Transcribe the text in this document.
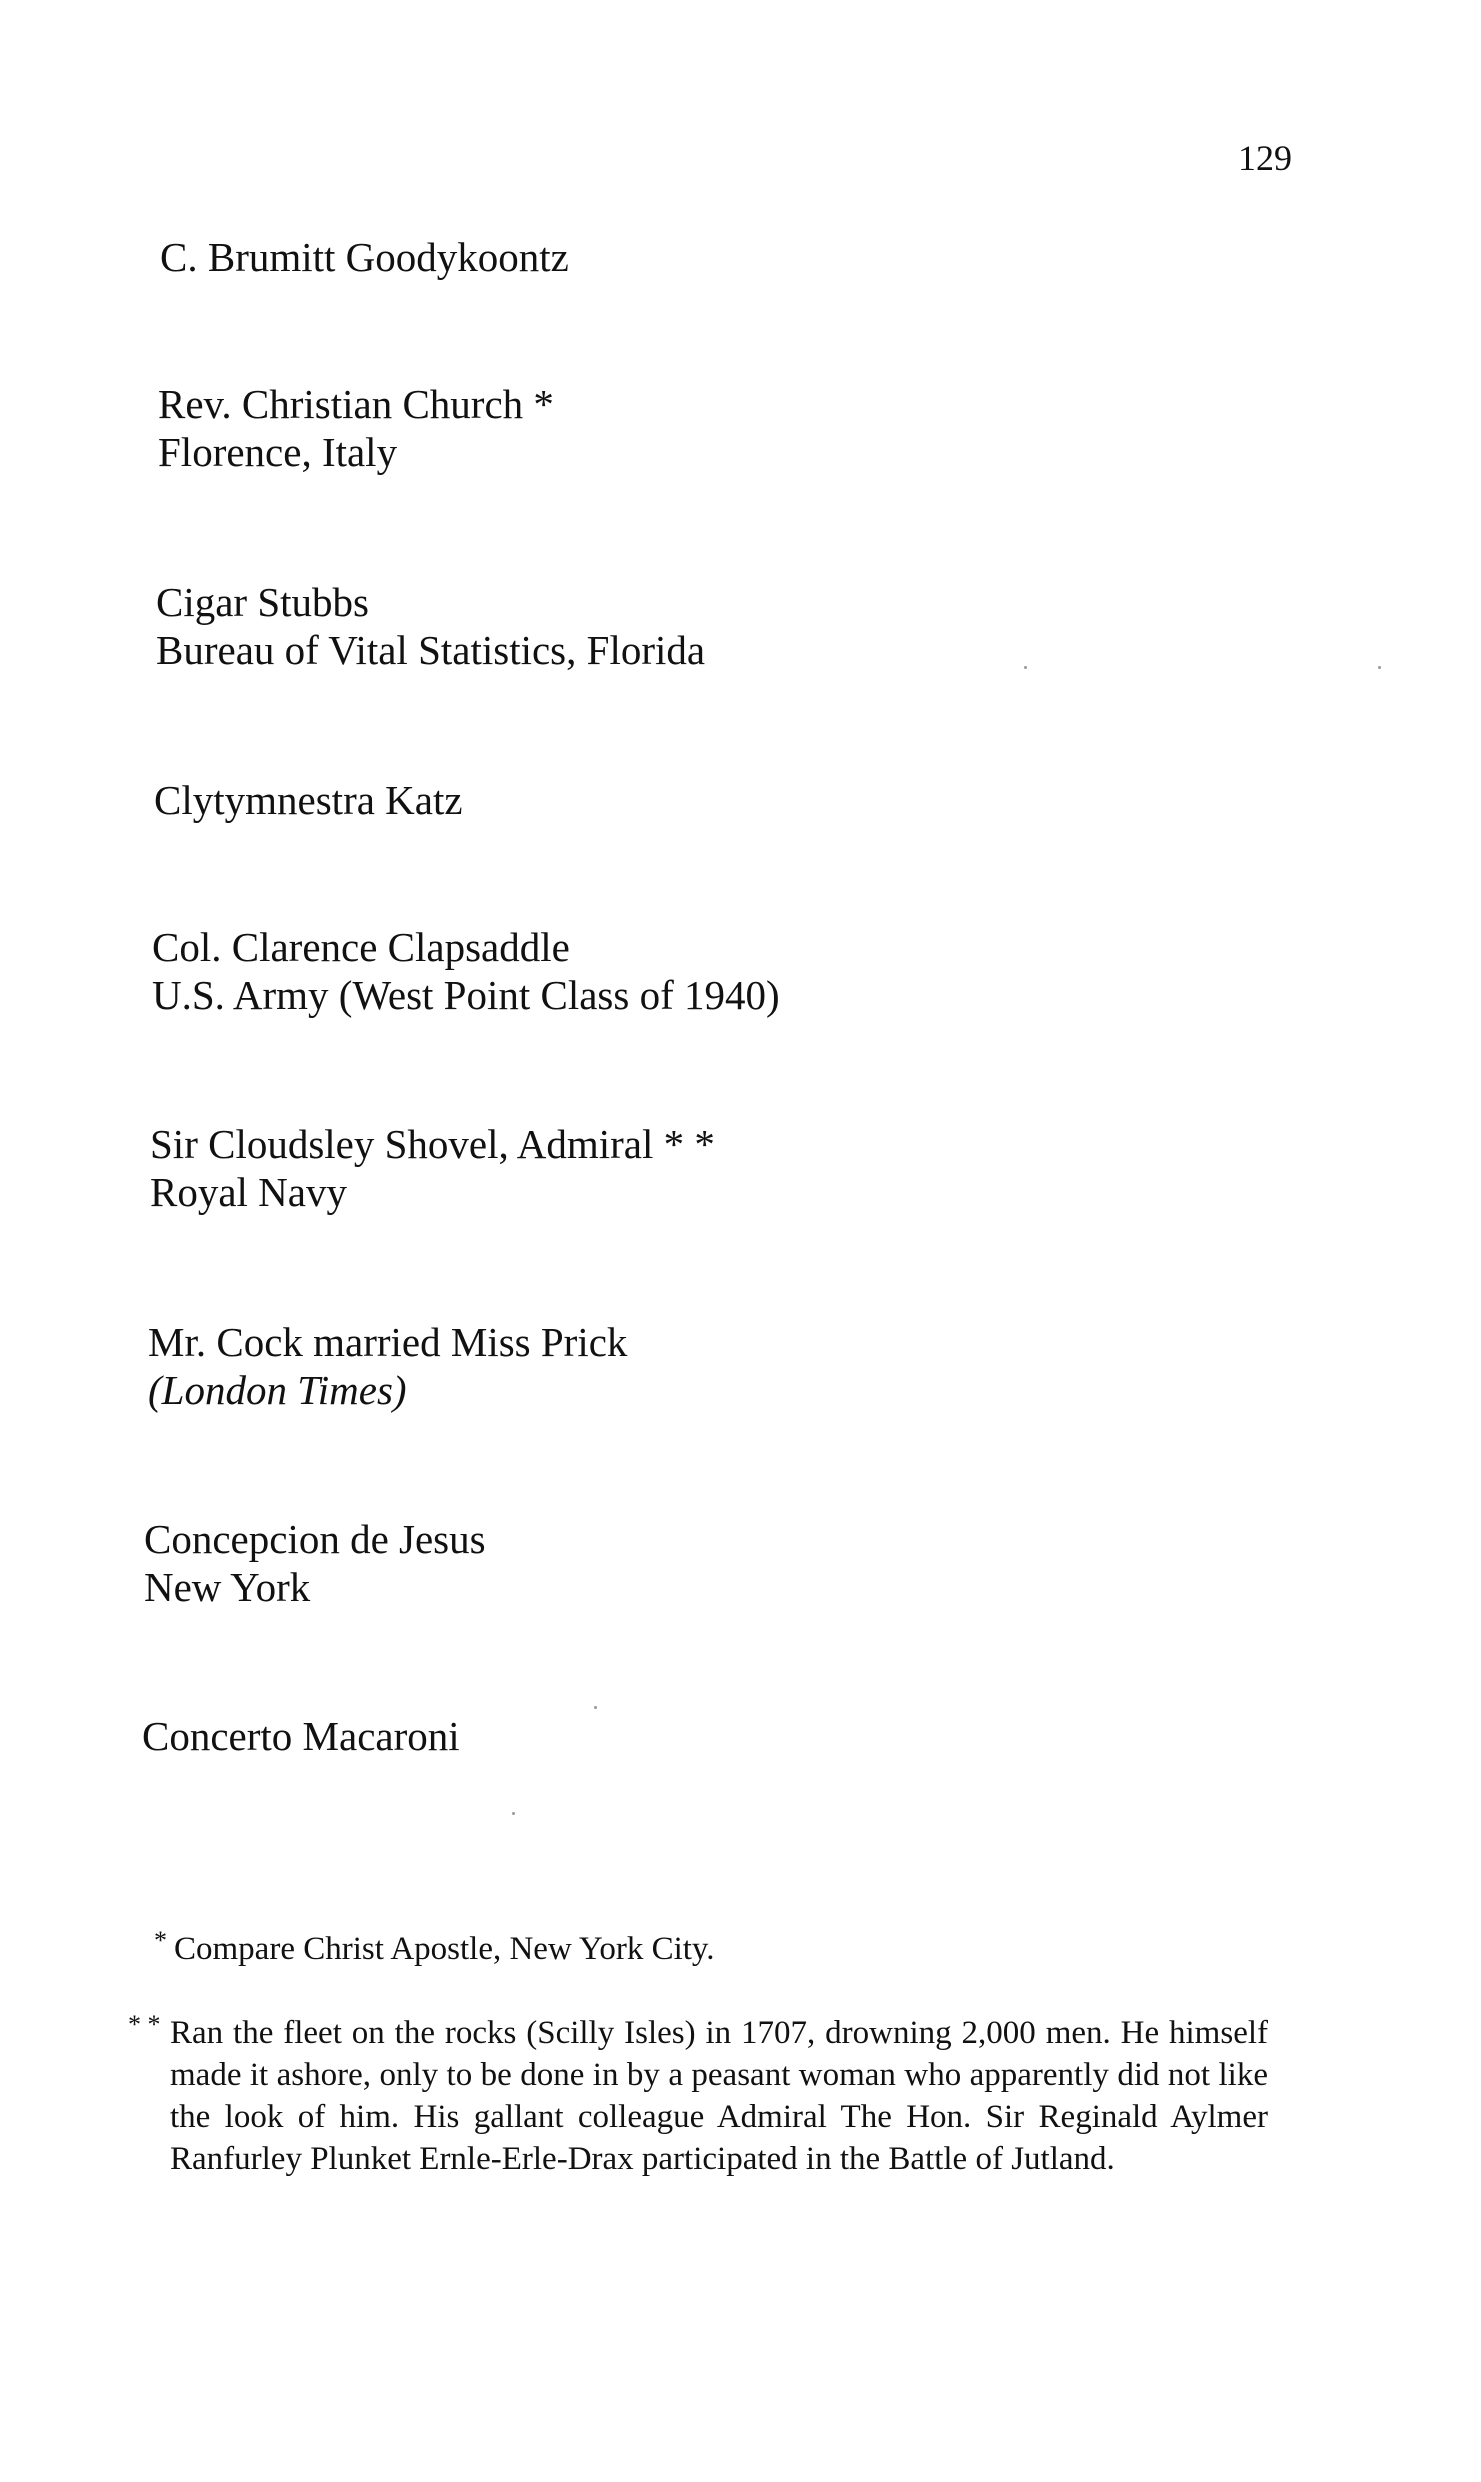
129
C. Brumitt Goodykoontz
Rev. Christian Church *
Florence, Italy
Cigar Stubbs
Bureau of Vital Statistics, Florida
Clytymnestra Katz
Col. Clarence Clapsaddle
U.S. Army (West Point Class of 1940)
Sir Cloudsley Shovel, Admiral * *
Royal Navy
Mr. Cock married Miss Prick
(London Times)
Concepcion de Jesus
New York
Concerto Macaroni
* Compare Christ Apostle, New York City.
* * Ran the fleet on the rocks (Scilly Isles) in 1707, drowning 2,000 men. He himself made it ashore, only to be done in by a peasant woman who apparently did not like the look of him. His gallant colleague Admiral The Hon. Sir Reginald Aylmer Ranfurley Plunket Ernle-Erle-Drax participated in the Battle of Jutland.
